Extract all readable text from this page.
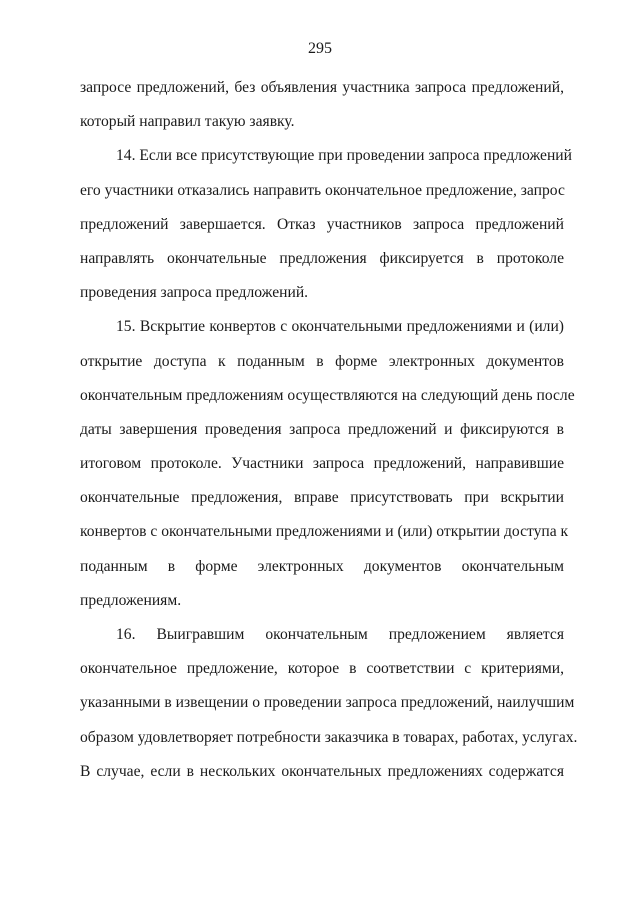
295
запросе предложений, без объявления участника запроса предложений,
который направил такую заявку.
14. Если все присутствующие при проведении запроса предложений
его участники отказались направить окончательное предложение, запрос
предложений завершается. Отказ участников запроса предложений
направлять окончательные предложения фиксируется в протоколе
проведения запроса предложений.
15. Вскрытие конвертов с окончательными предложениями и (или)
открытие доступа к поданным в форме электронных документов
окончательным предложениям осуществляются на следующий день после
даты завершения проведения запроса предложений и фиксируются в
итоговом протоколе. Участники запроса предложений, направившие
окончательные предложения, вправе присутствовать при вскрытии
конвертов с окончательными предложениями и (или) открытии доступа к
поданным в форме электронных документов окончательным
предложениям.
16. Выигравшим окончательным предложением является
окончательное предложение, которое в соответствии с критериями,
указанными в извещении о проведении запроса предложений, наилучшим
образом удовлетворяет потребности заказчика в товарах, работах, услугах.
В случае, если в нескольких окончательных предложениях содержатся
